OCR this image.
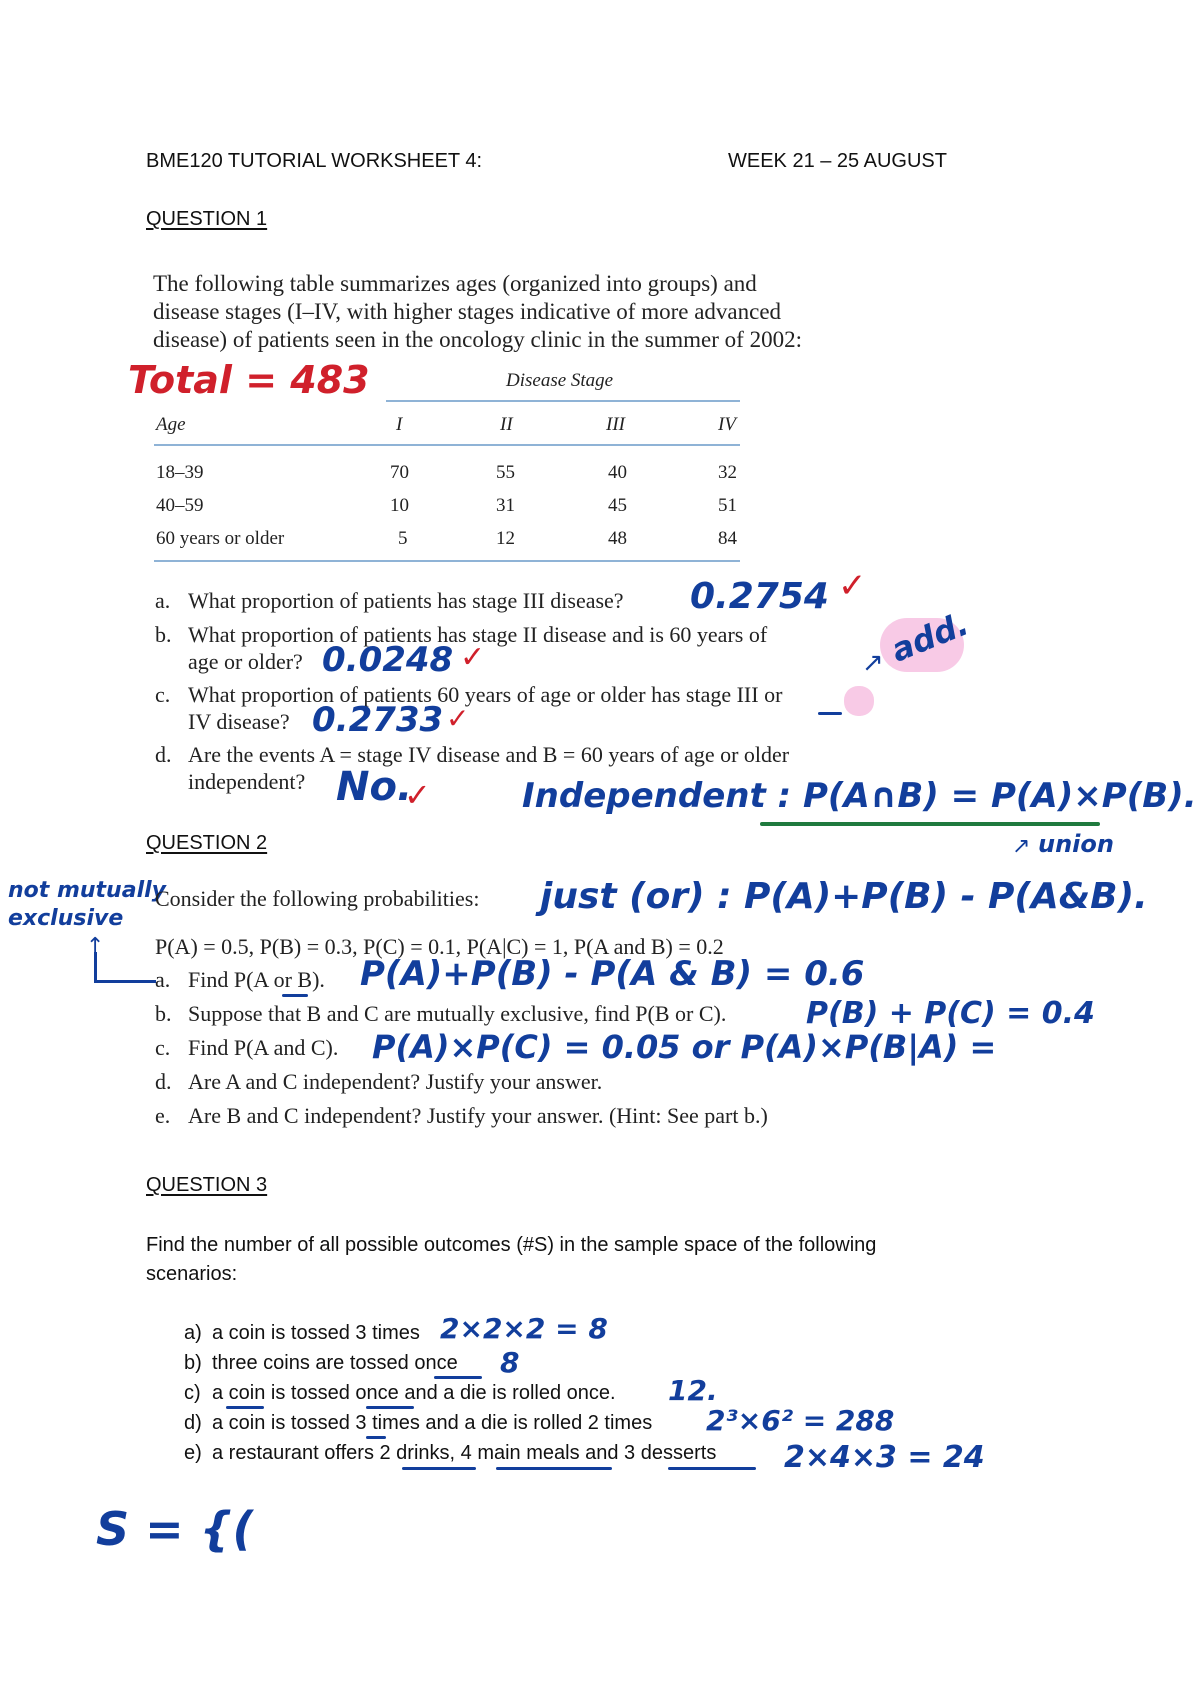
BME120 TUTORIAL WORKSHEET 4:	WEEK 21 – 25 AUGUST
QUESTION 1
The following table summarizes ages (organized into groups) and
disease stages (I–IV, with higher stages indicative of more advanced
disease) of patients seen in the oncology clinic in the summer of 2002:
Total = 483	Disease Stage
Age	I	II	III	IV
18–39	70	55	40	32
40–59	10	31	45	51
60 years or older	5	12	48	84
a. What proportion of patients has stage III disease? 0.2754 ✓
b. What proportion of patients has stage II disease and is 60 years of
age or older? 0.0248 ✓	add.
↗
c. What proportion of patients 60 years of age or older has stage III or
IV disease? 0.2733 ✓
d. Are the events A = stage IV disease and B = 60 years of age or older
independent? No.
✓	Independent : P(A∩B) = P(A)×P(B).
QUESTION 2	↗ union
not mutually
exclusive
Consider the following probabilities: just (or) : P(A)+P(B) - P(A&B).
P(A) = 0.5, P(B) = 0.3, P(C) = 0.1, P(A|C) = 1, P(A and B) = 0.2
↑
a. Find P(A or B). P(A)+P(B) - P(A & B) = 0.6
b. Suppose that B and C are mutually exclusive, find P(B or C).	P(B) + P(C) = 0.4
c. Find P(A and C). P(A)×P(C) = 0.05 or P(A)×P(B|A) =
d. Are A and C independent? Justify your answer.
e. Are B and C independent? Justify your answer. (Hint: See part b.)
QUESTION 3
Find the number of all possible outcomes (#S) in the sample space of the following
scenarios:
a) a coin is tossed 3 times 2×2×2 = 8
b) three coins are tossed once 8
c) a coin is tossed once and a die is rolled once. 12.
d) a coin is tossed 3 times and a die is rolled 2 times 2³×6² = 288
e) a restaurant offers 2 drinks, 4 main meals and 3 desserts 2×4×3 = 24
S = {(
